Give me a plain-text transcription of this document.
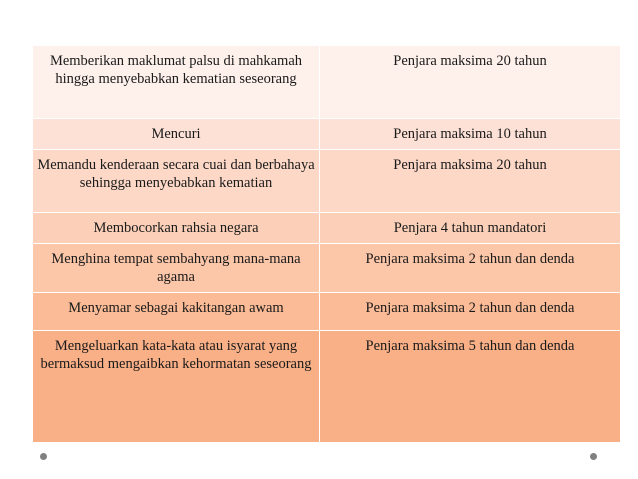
Memberikan maklumat palsu di mahkamah hingga menyebabkan kematian seseorang	Penjara maksima 20 tahun
Mencuri	Penjara maksima 10 tahun
Memandu kenderaan secara cuai dan berbahaya sehingga menyebabkan kematian	Penjara maksima 20 tahun
Membocorkan rahsia negara	Penjara 4 tahun mandatori
Menghina tempat sembahyang mana-mana agama	Penjara maksima 2 tahun dan denda
Menyamar sebagai kakitangan awam	Penjara maksima 2 tahun dan denda
Mengeluarkan kata-kata atau isyarat yang bermaksud mengaibkan kehormatan seseorang	Penjara maksima 5 tahun dan denda
